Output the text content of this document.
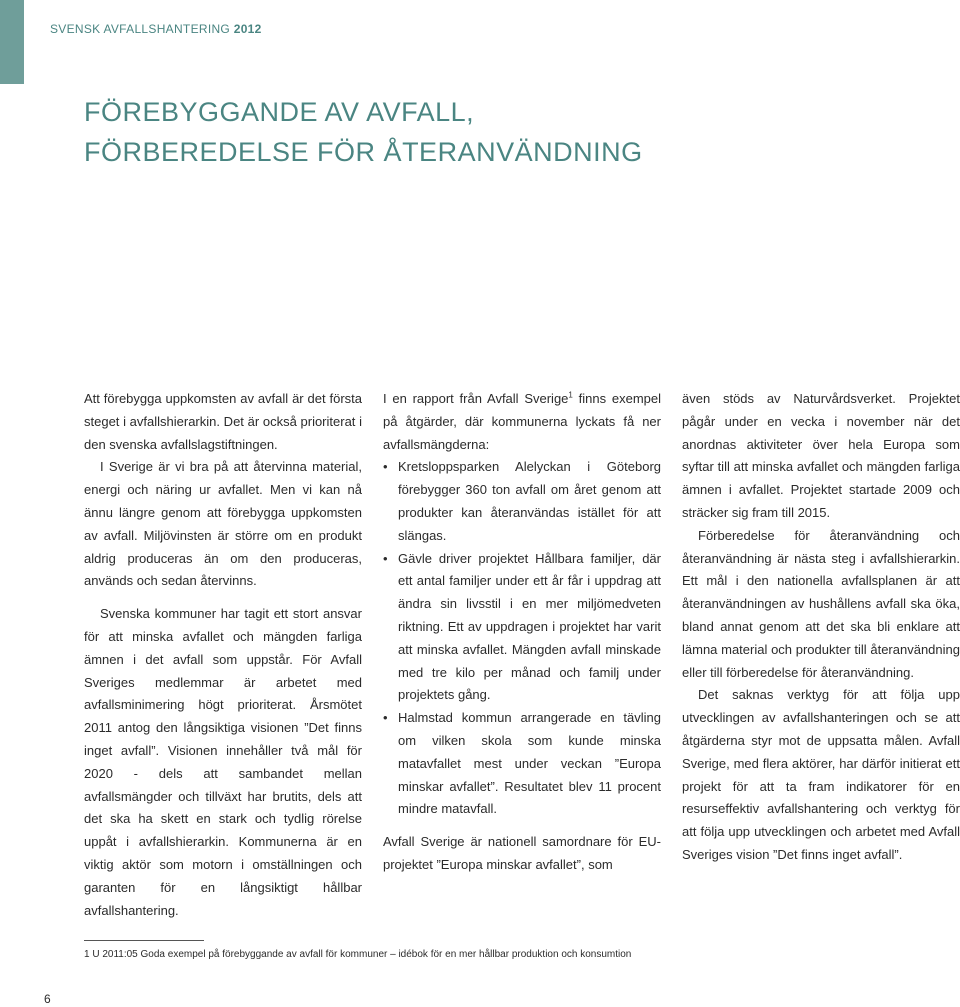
SVENSK AVFALLSHANTERING 2012
FÖREBYGGANDE AV AVFALL,
FÖRBEREDELSE FÖR ÅTERANVÄNDNING

Att förebygga uppkomsten av avfall är det första steget i avfallshierarkin. Det är också prioriterat i den svenska avfallslagstiftningen.

I Sverige är vi bra på att återvinna material, energi och näring ur avfallet. Men vi kan nå ännu längre genom att förebygga uppkomsten av avfall. Miljövinsten är större om en produkt aldrig produceras än om den produceras, används och sedan återvinns.

Svenska kommuner har tagit ett stort ansvar för att minska avfallet och mängden farliga ämnen i det avfall som uppstår. För Avfall Sveriges medlemmar är arbetet med avfallsminimering högt prioriterat. Årsmötet 2011 antog den långsiktiga visionen ”Det finns inget avfall”. Visionen innehåller två mål för 2020 - dels att sambandet mellan avfallsmängder och tillväxt har brutits, dels att det ska ha skett en stark och tydlig rörelse uppåt i avfallshierarkin. Kommunerna är en viktig aktör som motorn i omställningen och garanten för en långsiktigt hållbar avfallshantering.

I en rapport från Avfall Sverige$^1$ finns exempel på åtgärder, där kommunerna lyckats få ner avfallsmängderna:

• Kretsloppsparken Alelyckan i Göteborg förebygger 360 ton avfall om året genom att produkter kan återanvändas istället för att slängas.
• Gävle driver projektet Hållbara familjer, där ett antal familjer under ett år får i uppdrag att ändra sin livsstil i en mer miljömedveten riktning. Ett av uppdragen i projektet har varit att minska avfallet. Mängden avfall minskade med tre kilo per månad och familj under projektets gång.
• Halmstad kommun arrangerade en tävling om vilken skola som kunde minska matavfallet mest under veckan ”Europa minskar avfallet”. Resultatet blev 11 procent mindre matavfall.

Avfall Sverige är nationell samordnare för EU-projektet ”Europa minskar avfallet”, som

även stöds av Naturvårdsverket. Projektet pågår under en vecka i november när det anordnas aktiviteter över hela Europa som syftar till att minska avfallet och mängden farliga ämnen i avfallet. Projektet startade 2009 och sträcker sig fram till 2015.

Förberedelse för återanvändning och återanvändning är nästa steg i avfallshierarkin. Ett mål i den nationella avfallsplanen är att återanvändningen av hushållens avfall ska öka, bland annat genom att det ska bli enklare att lämna material och produkter till återanvändning eller till förberedelse för återanvändning.

Det saknas verktyg för att följa upp utvecklingen av avfallshanteringen och se att åtgärderna styr mot de uppsatta målen. Avfall Sverige, med flera aktörer, har därför initierat ett projekt för att ta fram indikatorer för en resurseffektiv avfallshantering och verktyg för att följa upp utvecklingen och arbetet med Avfall Sveriges vision ”Det finns inget avfall”.

1 U 2011:05 Goda exempel på förebyggande av avfall för kommuner – idébok för en mer hållbar produktion och konsumtion
6
